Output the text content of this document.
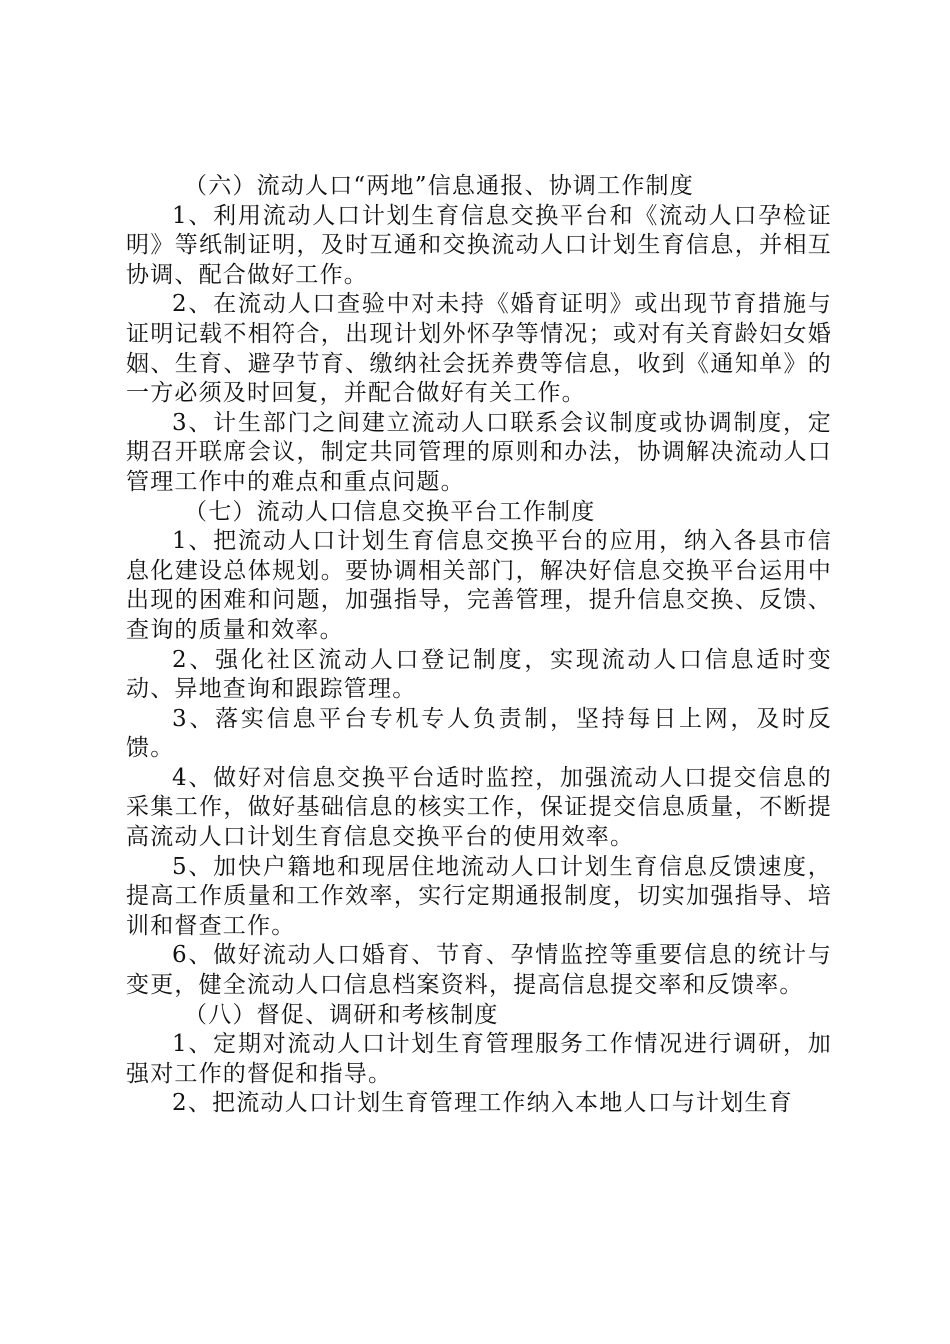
（六）流动人口“两地”信息通报、协调工作制度

1、利用流动人口计划生育信息交换平台和《流动人口孕检证明》等纸制证明，及时互通和交换流动人口计划生育信息，并相互协调、配合做好工作。

2、在流动人口查验中对未持《婚育证明》或出现节育措施与证明记载不相符合，出现计划外怀孕等情况；或对有关育龄妇女婚姻、生育、避孕节育、缴纳社会抚养费等信息，收到《通知单》的一方必须及时回复，并配合做好有关工作。

3、计生部门之间建立流动人口联系会议制度或协调制度，定期召开联席会议，制定共同管理的原则和办法，协调解决流动人口管理工作中的难点和重点问题。

（七）流动人口信息交换平台工作制度

1、把流动人口计划生育信息交换平台的应用，纳入各县市信息化建设总体规划。要协调相关部门，解决好信息交换平台运用中出现的困难和问题，加强指导，完善管理，提升信息交换、反馈、查询的质量和效率。

2、强化社区流动人口登记制度，实现流动人口信息适时变动、异地查询和跟踪管理。

3、落实信息平台专机专人负责制，坚持每日上网，及时反馈。

4、做好对信息交换平台适时监控，加强流动人口提交信息的采集工作，做好基础信息的核实工作，保证提交信息质量，不断提高流动人口计划生育信息交换平台的使用效率。

5、加快户籍地和现居住地流动人口计划生育信息反馈速度，提高工作质量和工作效率，实行定期通报制度，切实加强指导、培训和督查工作。

6、做好流动人口婚育、节育、孕情监控等重要信息的统计与变更，健全流动人口信息档案资料，提高信息提交率和反馈率。

（八）督促、调研和考核制度

1、定期对流动人口计划生育管理服务工作情况进行调研，加强对工作的督促和指导。

2、把流动人口计划生育管理工作纳入本地人口与计划生育
